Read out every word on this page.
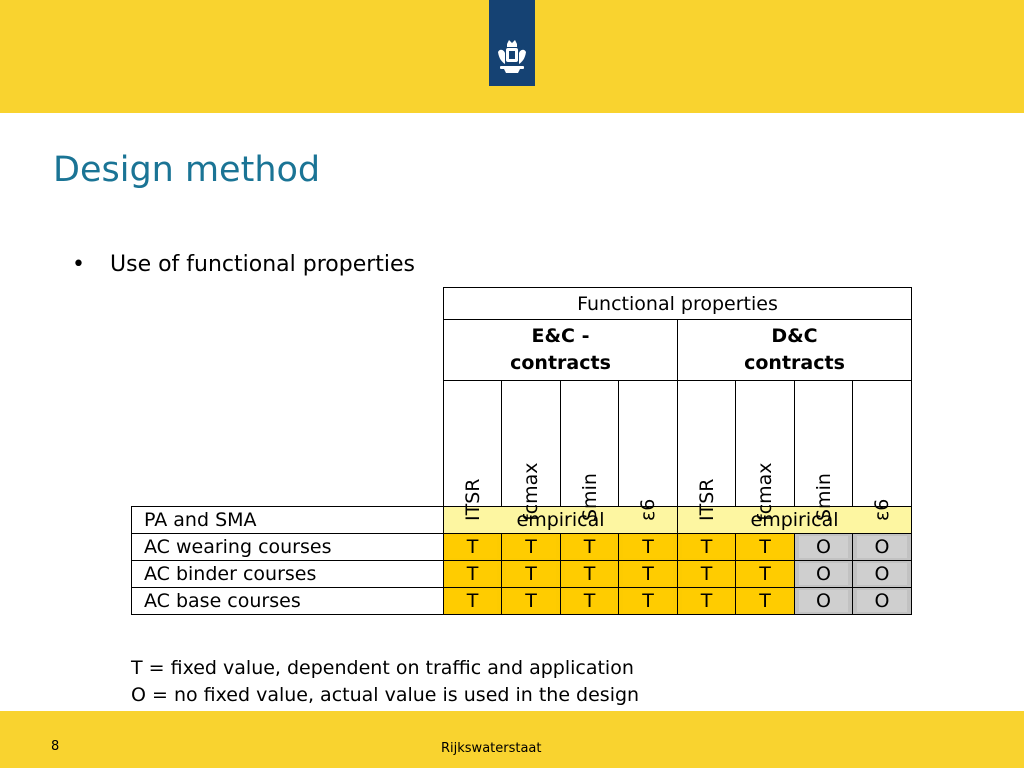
Design method
• Use of functional properties
	Functional properties							
	E&C -
contracts				D&C
contracts			

	ITSR	fcmax	Smin	ε6	ITSR	fcmax	Smin	ε6

PA and SMA	empirical				empirical			
AC wearing courses	T	T	T	T	T	T	O	O

AC binder courses	T	T	T	T	T	T	O	O

AC base courses	T	T	T	T	T	T	O	O
T = fixed value, dependent on traffic and application
O = no fixed value, actual value is used in the design
8	Rijkswaterstaat
